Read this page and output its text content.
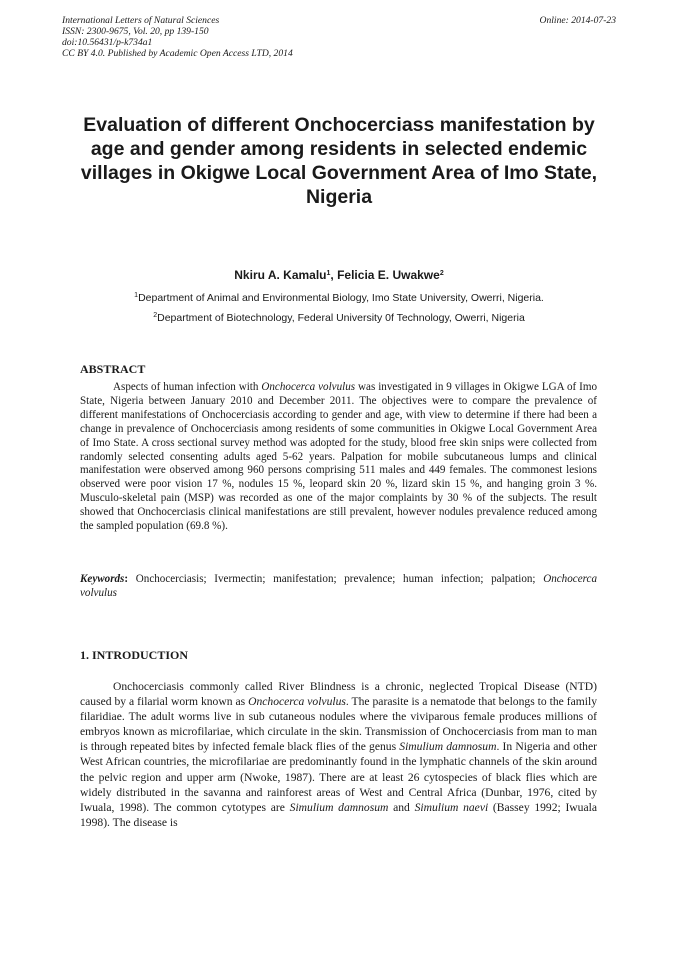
International Letters of Natural Sciences
ISSN: 2300-9675, Vol. 20, pp 139-150
doi:10.56431/p-k734a1
CC BY 4.0. Published by Academic Open Access LTD, 2014
Online: 2014-07-23
Evaluation of different Onchocerciass manifestation by age and gender among residents in selected endemic villages in Okigwe Local Government Area of Imo State, Nigeria
Nkiru A. Kamalu$^1$, Felicia E. Uwakwe$^2$
$^1$Department of Animal and Environmental Biology, Imo State University, Owerri, Nigeria.
$^2$Department of Biotechnology, Federal University 0f Technology, Owerri, Nigeria
ABSTRACT

Aspects of human infection with Onchocerca volvulus was investigated in 9 villages in Okigwe LGA of Imo State, Nigeria between January 2010 and December 2011. The objectives were to compare the prevalence of different manifestations of Onchocerciasis according to gender and age, with view to determine if there had been a change in prevalence of Onchocerciasis among residents of some communities in Okigwe Local Government Area of Imo State. A cross sectional survey method was adopted for the study, blood free skin snips were collected from randomly selected consenting adults aged 5-62 years. Palpation for mobile subcutaneous lumps and clinical manifestation were observed among 960 persons comprising 511 males and 449 females. The commonest lesions observed were poor vision 17 %, nodules 15 %, leopard skin 20 %, lizard skin 15 %, and hanging groin 3 %. Musculo-skeletal pain (MSP) was recorded as one of the major complaints by 30 % of the subjects. The result showed that Onchocerciasis clinical manifestations are still prevalent, however nodules prevalence reduced among the sampled population (69.8 %).

Keywords: Onchocerciasis; Ivermectin; manifestation; prevalence; human infection; palpation; Onchocerca volvulus
1. INTRODUCTION

Onchocerciasis commonly called River Blindness is a chronic, neglected Tropical Disease (NTD) caused by a filarial worm known as Onchocerca volvulus. The parasite is a nematode that belongs to the family filaridiae. The adult worms live in sub cutaneous nodules where the viviparous female produces millions of embryos known as microfilariae, which circulate in the skin. Transmission of Onchocerciasis from man to man is through repeated bites by infected female black flies of the genus Simulium damnosum. In Nigeria and other West African countries, the microfilariae are predominantly found in the lymphatic channels of the skin around the pelvic region and upper arm (Nwoke, 1987). There are at least 26 cytospecies of black flies which are widely distributed in the savanna and rainforest areas of West and Central Africa (Dunbar, 1976, cited by Iwuala, 1998). The common cytotypes are Simulium damnosum and Simulium naevi (Bassey 1992; Iwuala 1998). The disease is
